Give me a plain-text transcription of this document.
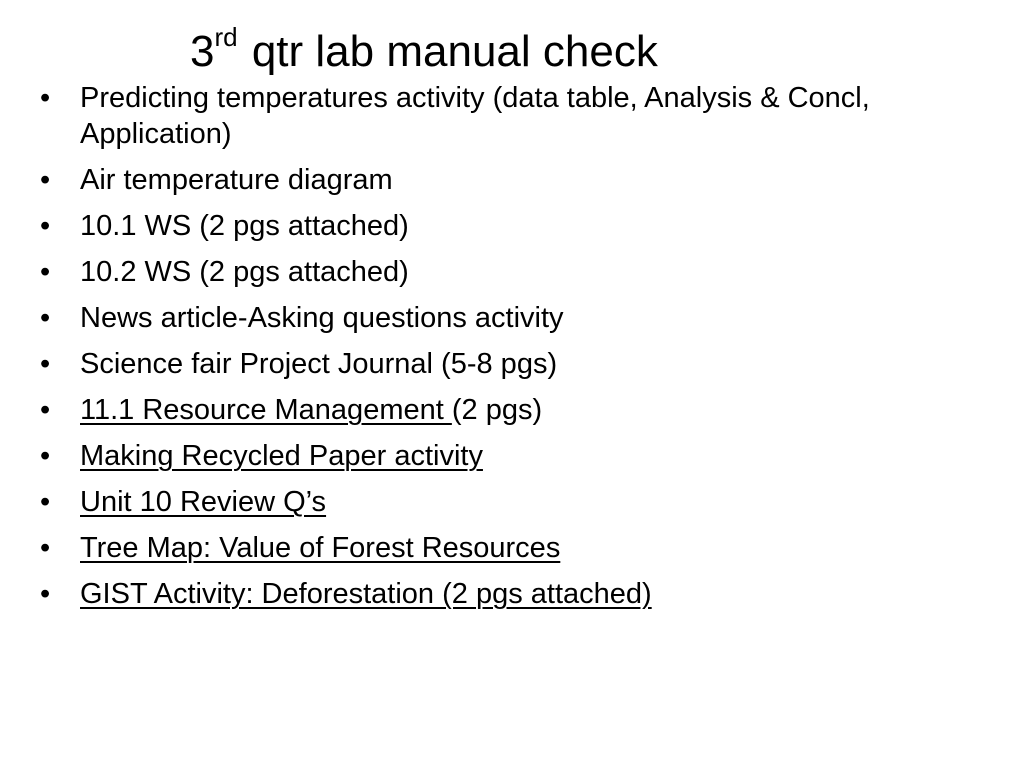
3rd qtr lab manual check
•	Predicting temperatures activity (data table, Analysis & Concl, Application)
•	Air temperature diagram
•	10.1 WS (2 pgs attached)
•	10.2 WS (2 pgs attached)
•	News article-Asking questions activity
•	Science fair Project Journal (5-8 pgs)
•	11.1 Resource Management (2 pgs)
•	Making Recycled Paper activity
•	Unit 10 Review Q’s
•	Tree Map: Value of Forest Resources
•	GIST Activity: Deforestation (2 pgs attached)
